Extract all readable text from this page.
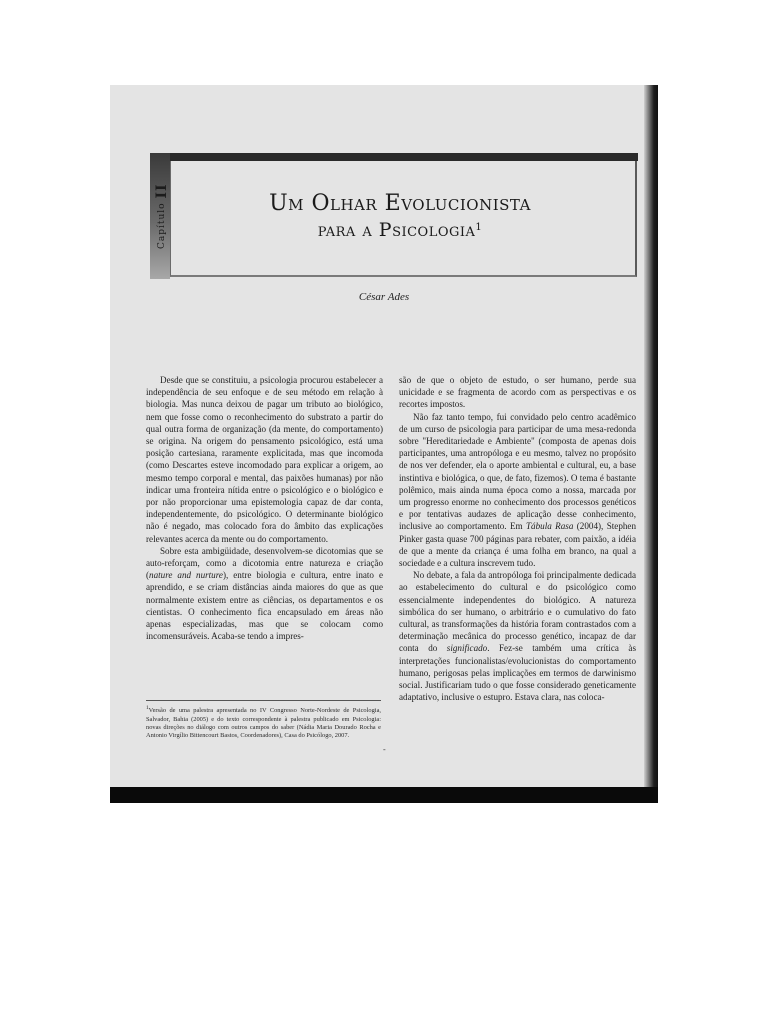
Capítulo II
Um Olhar Evolucionista
para a Psicologia$^1$
César Ades

Desde que se constituiu, a psicologia procurou estabelecer a independência de seu enfoque e de seu método em relação à biologia. Mas nunca deixou de pagar um tributo ao biológico, nem que fosse como o reconhecimento do substrato a partir do qual outra forma de organização (da mente, do comportamento) se origina. Na origem do pensamento psicológico, está uma posição cartesiana, raramente explicitada, mas que incomoda (como Descartes esteve incomodado para explicar a origem, ao mesmo tempo corporal e mental, das paixões humanas) por não indicar uma fronteira nítida entre o psicológico e o biológico e por não proporcionar uma epistemologia capaz de dar conta, independentemente, do psicológico. O determinante biológico não é negado, mas colocado fora do âmbito das explicações relevantes acerca da mente ou do comportamento.

Sobre esta ambigüidade, desenvolvem-se dicotomias que se auto-reforçam, como a dicotomia entre natureza e criação (nature and nurture), entre biologia e cultura, entre inato e aprendido, e se criam distâncias ainda maiores do que as que normalmente existem entre as ciências, os departamentos e os cientistas. O conhecimento fica encapsulado em áreas não apenas especializadas, mas que se colocam como incomensuráveis. Acaba-se tendo a impres-

são de que o objeto de estudo, o ser humano, perde sua unicidade e se fragmenta de acordo com as perspectivas e os recortes impostos.

Não faz tanto tempo, fui convidado pelo centro acadêmico de um curso de psicologia para participar de uma mesa-redonda sobre "Hereditariedade e Ambiente" (composta de apenas dois participantes, uma antropóloga e eu mesmo, talvez no propósito de nos ver defender, ela o aporte ambiental e cultural, eu, a base instintiva e biológica, o que, de fato, fizemos). O tema é bastante polêmico, mais ainda numa época como a nossa, marcada por um progresso enorme no conhecimento dos processos genéticos e por tentativas audazes de aplicação desse conhecimento, inclusive ao comportamento. Em Tábula Rasa (2004), Stephen Pinker gasta quase 700 páginas para rebater, com paixão, a idéia de que a mente da criança é uma folha em branco, na qual a sociedade e a cultura inscrevem tudo.

No debate, a fala da antropóloga foi principalmente dedicada ao estabelecimento do cultural e do psicológico como essencialmente independentes do biológico. A natureza simbólica do ser humano, o arbitrário e o cumulativo do fato cultural, as transformações da história foram contrastados com a determinação mecânica do processo genético, incapaz de dar conta do significado. Fez-se também uma crítica às interpretações funcionalistas/evolucionistas do comportamento humano, perigosas pelas implicações em termos de darwinismo social. Justificariam tudo o que fosse considerado geneticamente adaptativo, inclusive o estupro. Estava clara, nas coloca-

$^1$Versão de uma palestra apresentada no IV Congresso Norte-Nordeste de Psicologia, Salvador, Bahia (2005) e do texto correspondente à palestra publicado em Psicologia: novas direções no diálogo com outros campos do saber (Nádia Maria Dourado Rocha e Antonio Virgílio Bittencourt Bastos, Coordenadores), Casa do Psicólogo, 2007.
-
